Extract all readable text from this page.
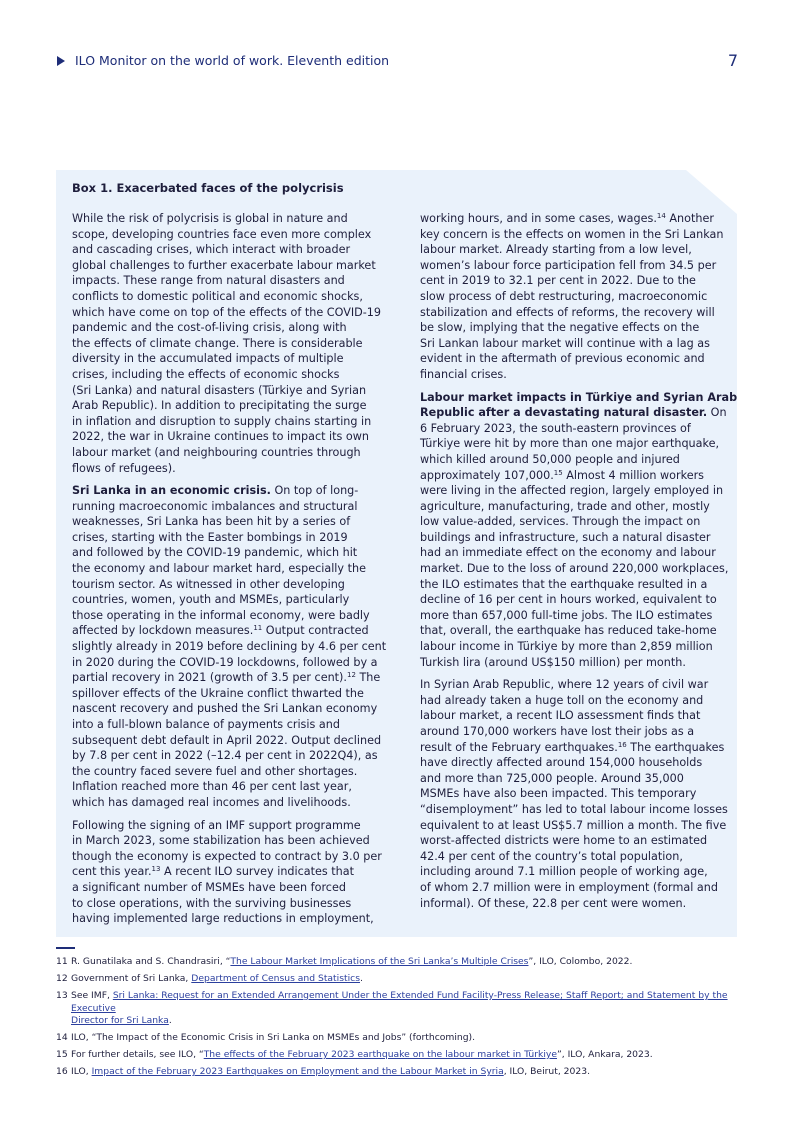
ILO Monitor on the world of work. Eleventh edition	7
Box 1. Exacerbated faces of the polycrisis

While the risk of polycrisis is global in nature and
scope, developing countries face even more complex
and cascading crises, which interact with broader
global challenges to further exacerbate labour market
impacts. These range from natural disasters and
conflicts to domestic political and economic shocks,
which have come on top of the effects of the COVID-19
pandemic and the cost-of-living crisis, along with
the effects of climate change. There is considerable
diversity in the accumulated impacts of multiple
crises, including the effects of economic shocks
(Sri Lanka) and natural disasters (Türkiye and Syrian
Arab Republic). In addition to precipitating the surge
in inflation and disruption to supply chains starting in
2022, the war in Ukraine continues to impact its own
labour market (and neighbouring countries through
flows of refugees).

Sri Lanka in an economic crisis. On top of long-
running macroeconomic imbalances and structural
weaknesses, Sri Lanka has been hit by a series of
crises, starting with the Easter bombings in 2019
and followed by the COVID-19 pandemic, which hit
the economy and labour market hard, especially the
tourism sector. As witnessed in other developing
countries, women, youth and MSMEs, particularly
those operating in the informal economy, were badly
affected by lockdown measures.$^{11}$ Output contracted
slightly already in 2019 before declining by 4.6 per cent
in 2020 during the COVID-19 lockdowns, followed by a
partial recovery in 2021 (growth of 3.5 per cent).$^{12}$ The
spillover effects of the Ukraine conflict thwarted the
nascent recovery and pushed the Sri Lankan economy
into a full-blown balance of payments crisis and
subsequent debt default in April 2022. Output declined
by 7.8 per cent in 2022 (–12.4 per cent in 2022Q4), as
the country faced severe fuel and other shortages.
Inflation reached more than 46 per cent last year,
which has damaged real incomes and livelihoods.

Following the signing of an IMF support programme
in March 2023, some stabilization has been achieved
though the economy is expected to contract by 3.0 per
cent this year.$^{13}$ A recent ILO survey indicates that
a significant number of MSMEs have been forced
to close operations, with the surviving businesses
having implemented large reductions in employment,

working hours, and in some cases, wages.$^{14}$ Another
key concern is the effects on women in the Sri Lankan
labour market. Already starting from a low level,
women’s labour force participation fell from 34.5 per
cent in 2019 to 32.1 per cent in 2022. Due to the
slow process of debt restructuring, macroeconomic
stabilization and effects of reforms, the recovery will
be slow, implying that the negative effects on the
Sri Lankan labour market will continue with a lag as
evident in the aftermath of previous economic and
financial crises.

Labour market impacts in Türkiye and Syrian Arab
Republic after a devastating natural disaster. On
6 February 2023, the south-eastern provinces of
Türkiye were hit by more than one major earthquake,
which killed around 50,000 people and injured
approximately 107,000.15 Almost 4 million workers
were living in the affected region, largely employed in
agriculture, manufacturing, trade and other, mostly
low value-added, services. Through the impact on
buildings and infrastructure, such a natural disaster
had an immediate effect on the economy and labour
market. Due to the loss of around 220,000 workplaces,
the ILO estimates that the earthquake resulted in a
decline of 16 per cent in hours worked, equivalent to
more than 657,000 full-time jobs. The ILO estimates
that, overall, the earthquake has reduced take-home
labour income in Türkiye by more than 2,859 million
Turkish lira (around US$150 million) per month.

In Syrian Arab Republic, where 12 years of civil war
had already taken a huge toll on the economy and
labour market, a recent ILO assessment finds that
around 170,000 workers have lost their jobs as a
result of the February earthquakes.$^{16}$ The earthquakes
have directly affected around 154,000 households
and more than 725,000 people. Around 35,000
MSMEs have also been impacted. This temporary
“disemployment” has led to total labour income losses
equivalent to at least US$5.7 million a month. The five
worst-affected districts were home to an estimated
42.4 per cent of the country’s total population,
including around 7.1 million people of working age,
of whom 2.7 million were in employment (formal and
informal). Of these, 22.8 per cent were women.

11 R. Gunatilaka and S. Chandrasiri, “The Labour Market Implications of the Sri Lanka’s Multiple Crises”, ILO, Colombo, 2022.
12 Government of Sri Lanka, Department of Census and Statistics.
13 See IMF, Sri Lanka: Request for an Extended Arrangement Under the Extended Fund Facility-Press Release; Staff Report; and Statement by the Executive
Director for Sri Lanka.
14 ILO, “The Impact of the Economic Crisis in Sri Lanka on MSMEs and Jobs” (forthcoming).
15 For further details, see ILO, “The effects of the February 2023 earthquake on the labour market in Türkiye”, ILO, Ankara, 2023.
16 ILO, Impact of the February 2023 Earthquakes on Employment and the Labour Market in Syria, ILO, Beirut, 2023.
